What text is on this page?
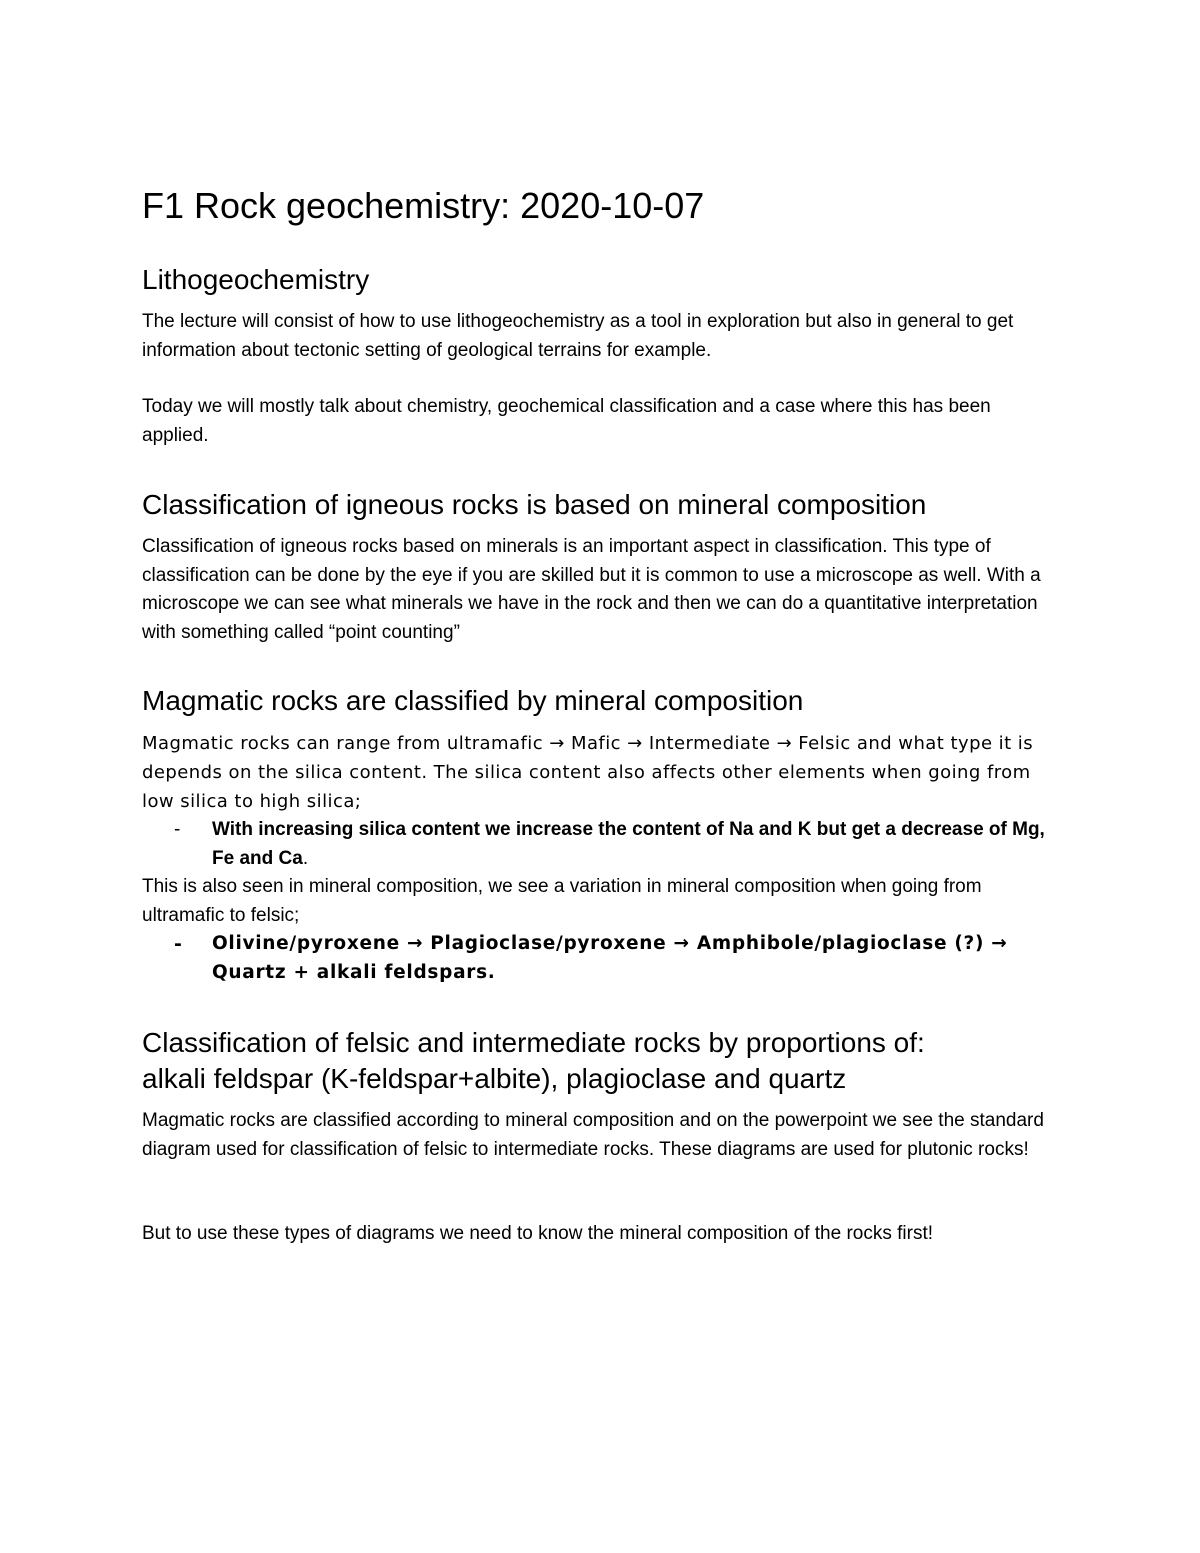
F1 Rock geochemistry: 2020-10-07
Lithogeochemistry

The lecture will consist of how to use lithogeochemistry as a tool in exploration but also in general to get information about tectonic setting of geological terrains for example.

Today we will mostly talk about chemistry, geochemical classification and a case where this has been applied.

Classification of igneous rocks is based on mineral composition

Classification of igneous rocks based on minerals is an important aspect in classification. This type of classification can be done by the eye if you are skilled but it is common to use a microscope as well. With a microscope we can see what minerals we have in the rock and then we can do a quantitative interpretation with something called “point counting”

Magmatic rocks are classified by mineral composition

Magmatic rocks can range from ultramafic → Mafic → Intermediate → Felsic and what type it is depends on the silica content. The silica content also affects other elements when going from low silica to high silica;

- With increasing silica content we increase the content of Na and K but get a decrease of Mg, Fe and Ca.

This is also seen in mineral composition, we see a variation in mineral composition when going from ultramafic to felsic;

- Olivine/pyroxene → Plagioclase/pyroxene → Amphibole/plagioclase (?) → Quartz + alkali feldspars.
Classification of felsic and intermediate rocks by proportions of:
alkali feldspar (K-feldspar+albite), plagioclase and quartz

Magmatic rocks are classified according to mineral composition and on the powerpoint we see the standard diagram used for classification of felsic to intermediate rocks. These diagrams are used for plutonic rocks!

But to use these types of diagrams we need to know the mineral composition of the rocks first!
